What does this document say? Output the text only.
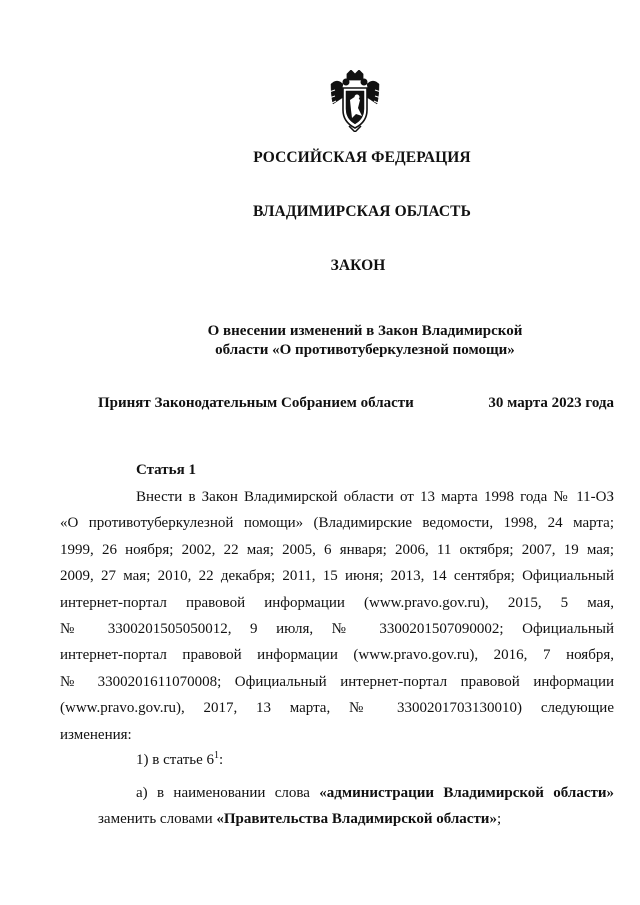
РОССИЙСКАЯ ФЕДЕРАЦИЯ
ВЛАДИМИРСКАЯ ОБЛАСТЬ
ЗАКОН
О внесении изменений в Закон Владимирской
области «О противотуберкулезной помощи»
Принят Законодательным Собранием области	30 марта 2023 года
Статья 1

Внести в Закон Владимирской области от 13 марта 1998 года № 11-ОЗ
«О противотуберкулезной помощи» (Владимирские ведомости, 1998, 24 марта;
1999, 26 ноября; 2002, 22 мая; 2005, 6 января; 2006, 11 октября; 2007, 19 мая;
2009, 27 мая; 2010, 22 декабря; 2011, 15 июня; 2013, 14 сентября; Официальный
интернет-портал правовой информации (www.pravo.gov.ru), 2015, 5 мая,
№ 3300201505050012, 9 июля, № 3300201507090002; Официальный
интернет-портал правовой информации (www.pravo.gov.ru), 2016, 7 ноября,
№ 3300201611070008; Официальный интернет-портал правовой информации
(www.pravo.gov.ru), 2017, 13 марта, № 3300201703130010) следующие
изменения:

1) в статье $6^1$:

а) в наименовании слова «администрации Владимирской области» заменить словами «Правительства Владимирской области»;
